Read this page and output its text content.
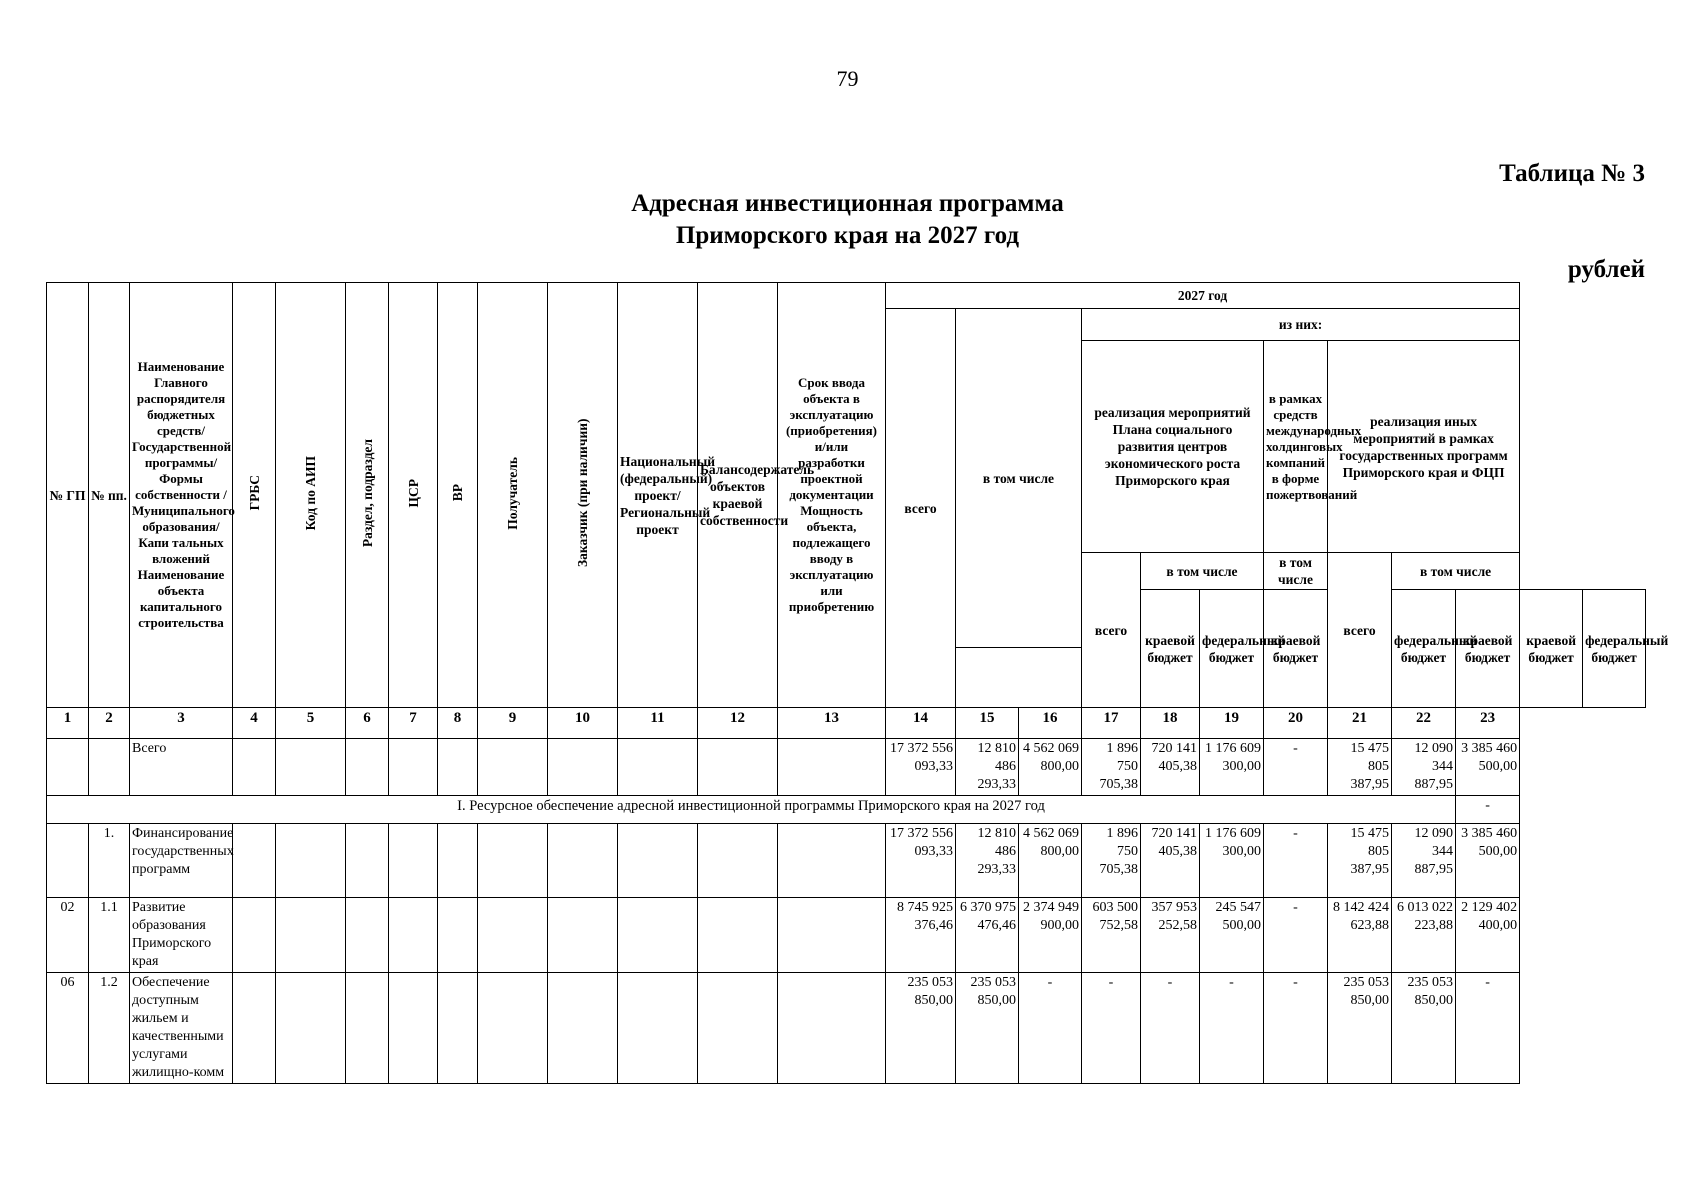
79
Таблица № 3
Адресная инвестиционная программа
Приморского края на 2027 год
рублей
№ ГП	№ пп.	Наименование Главного распорядителя бюджетных средств/Государственной программы/ Формы собственности /Муниципального образования/Капи тальных вложений Наименование объекта капитального строительства	ГРБС	Код по АИП	Раздел, подраздел	ЦСР	ВР	Получатель	Заказчик (при наличии)	Национальный (федеральный) проект/ Региональный проект	Балансодержатель объектов краевой собственности	Срок ввода объекта в эксплуатацию (приобретения) и/или разработки проектной документации Мощность объекта, подлежащего вводу в эксплуатацию или приобретению	2027 год											
													всего	в том числе		из них:								
																реализация мероприятий Плана социального развития центров экономического роста Приморского края			в рамках средств международных холдинговых компаний в форме пожертвований	реализация иных мероприятий в рамках государственных программ Приморского края и ФЦП				
																всего	в том числе		в том числе	всего	в том числе			
																	краевой бюджет	федеральный бюджет	краевой бюджет		федеральный бюджет	краевой бюджет	краевой бюджет	федеральный бюджет

1	2	3	4	5	6	7	8	9	10	11	12	13	14	15	16	17	18	19	20	21	22	23		
		Всего											17 372 556 093,33	12 810 486 293,33	4 562 069 800,00	1 896 750 705,38	720 141 405,38	1 176 609 300,00	-	15 475 805 387,95	12 090 344 887,95	3 385 460 500,00		
I. Ресурсное обеспечение адресной инвестиционной программы Приморского края на 2027 год																						-		
	1.	Финансирование государственных программ											17 372 556 093,33	12 810 486 293,33	4 562 069 800,00	1 896 750 705,38	720 141 405,38	1 176 609 300,00	-	15 475 805 387,95	12 090 344 887,95	3 385 460 500,00		
02	1.1	Развитие образования Приморского края											8 745 925 376,46	6 370 975 476,46	2 374 949 900,00	603 500 752,58	357 953 252,58	245 547 500,00	-	8 142 424 623,88	6 013 022 223,88	2 129 402 400,00		
06	1.2	Обеспечение доступным жильем и качественными услугами жилищно-комм											235 053 850,00	235 053 850,00	-	-	-	-	-	235 053 850,00	235 053 850,00	-		
